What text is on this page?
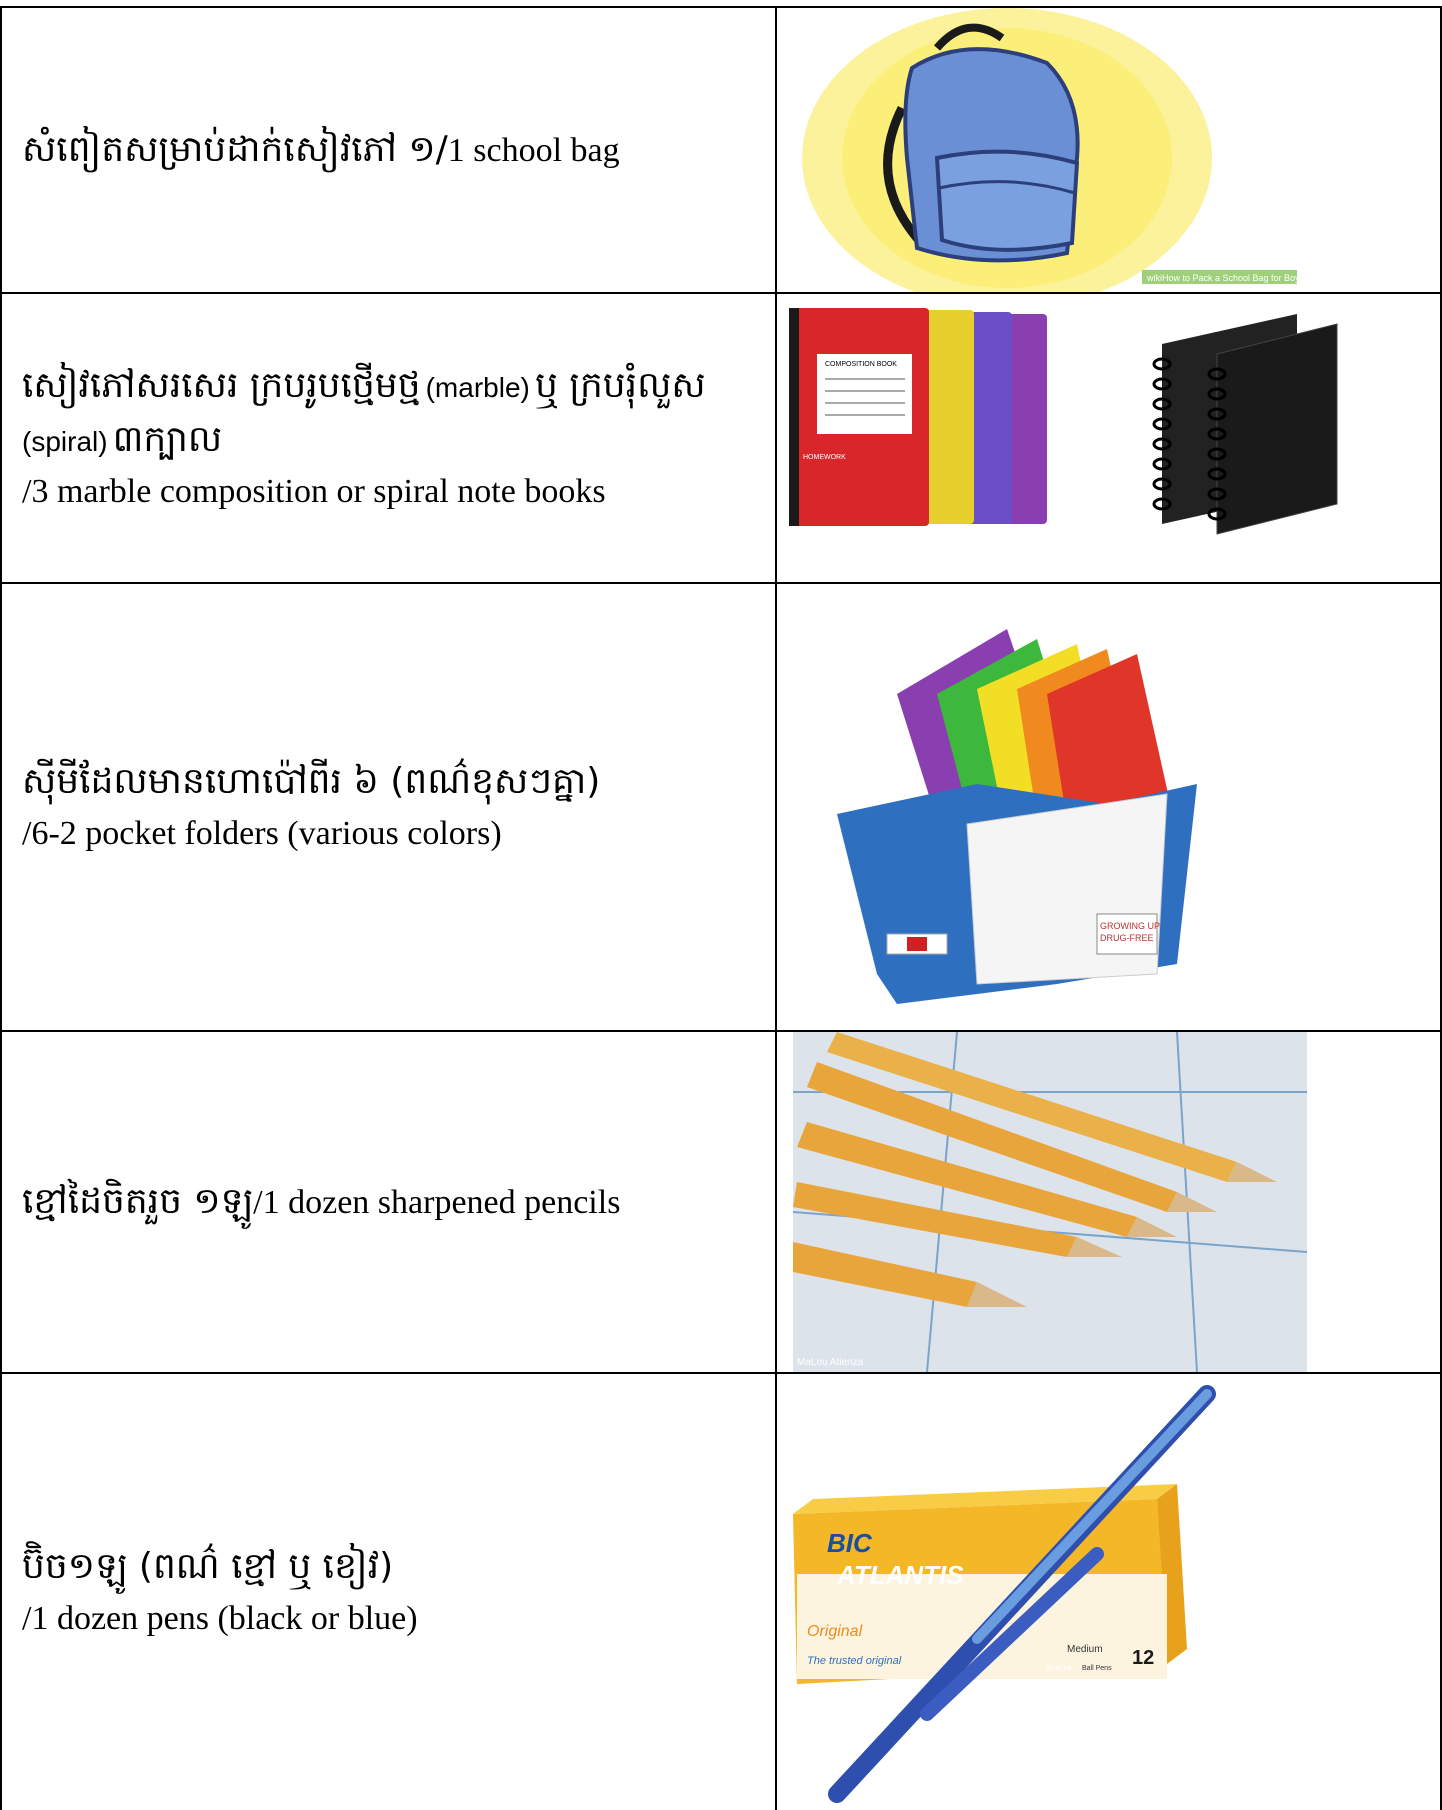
សំពៀតសម្រាប់ដាក់សៀវភៅ ១/1 school bag
wikiHow to Pack a School Bag for Boys
សៀវភៅសរសេរ ក្របរូបថ្មើមថ្ម (marble) ឬ ក្របរុំលួស
(spiral) ៣ក្បាល
/3 marble composition or spiral note books
COMPOSITION BOOK
HOMEWORK
ស៊ីមីដែលមានហោប៉ៅពីរ ៦ (ពណ៌ខុសៗគ្នា)
/6-2 pocket folders (various colors)
GROWING UP
DRUG-FREE
ខ្មៅដៃចិតរួច ១ឡូ/1 dozen sharpened pencils
MaLou Atienza
ប៊ិច១ឡូ (ពណ៌ ខ្មៅ ឬ ខៀវ)
/1 dozen pens (black or blue)
BIC
ATLANTIS
Original
The trusted original
Medium 12
Blue Ink Ball Pens
